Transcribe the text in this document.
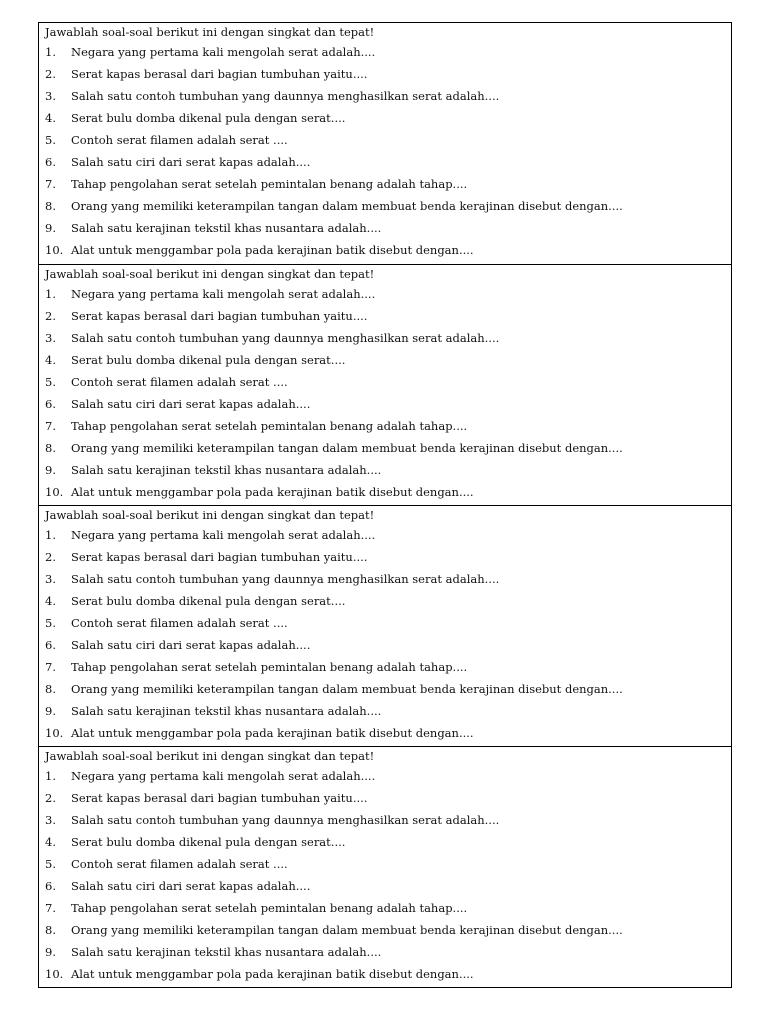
Jawablah soal-soal berikut ini dengan singkat dan tepat!
1.	Negara yang pertama kali mengolah serat adalah....
2.	Serat kapas berasal dari bagian tumbuhan yaitu....
3.	Salah satu contoh tumbuhan yang daunnya menghasilkan serat adalah....
4.	Serat bulu domba dikenal pula dengan serat....
5.	Contoh serat filamen adalah serat ....
6.	Salah satu ciri dari serat kapas adalah....
7.	Tahap pengolahan serat setelah pemintalan benang adalah tahap....
8.	Orang yang memiliki keterampilan tangan dalam membuat benda kerajinan disebut dengan....
9.	Salah satu kerajinan tekstil khas nusantara adalah....
10. Alat untuk menggambar pola pada kerajinan batik disebut dengan....
Jawablah soal-soal berikut ini dengan singkat dan tepat!
1.	Negara yang pertama kali mengolah serat adalah....
2.	Serat kapas berasal dari bagian tumbuhan yaitu....
3.	Salah satu contoh tumbuhan yang daunnya menghasilkan serat adalah....
4.	Serat bulu domba dikenal pula dengan serat....
5.	Contoh serat filamen adalah serat ....
6.	Salah satu ciri dari serat kapas adalah....
7.	Tahap pengolahan serat setelah pemintalan benang adalah tahap....
8.	Orang yang memiliki keterampilan tangan dalam membuat benda kerajinan disebut dengan....
9.	Salah satu kerajinan tekstil khas nusantara adalah....
10. Alat untuk menggambar pola pada kerajinan batik disebut dengan....
Jawablah soal-soal berikut ini dengan singkat dan tepat!
1.	Negara yang pertama kali mengolah serat adalah....
2.	Serat kapas berasal dari bagian tumbuhan yaitu....
3.	Salah satu contoh tumbuhan yang daunnya menghasilkan serat adalah....
4.	Serat bulu domba dikenal pula dengan serat....
5.	Contoh serat filamen adalah serat ....
6.	Salah satu ciri dari serat kapas adalah....
7.	Tahap pengolahan serat setelah pemintalan benang adalah tahap....
8.	Orang yang memiliki keterampilan tangan dalam membuat benda kerajinan disebut dengan....
9.	Salah satu kerajinan tekstil khas nusantara adalah....
10. Alat untuk menggambar pola pada kerajinan batik disebut dengan....
Jawablah soal-soal berikut ini dengan singkat dan tepat!
1.	Negara yang pertama kali mengolah serat adalah....
2.	Serat kapas berasal dari bagian tumbuhan yaitu....
3.	Salah satu contoh tumbuhan yang daunnya menghasilkan serat adalah....
4.	Serat bulu domba dikenal pula dengan serat....
5.	Contoh serat filamen adalah serat ....
6.	Salah satu ciri dari serat kapas adalah....
7.	Tahap pengolahan serat setelah pemintalan benang adalah tahap....
8.	Orang yang memiliki keterampilan tangan dalam membuat benda kerajinan disebut dengan....
9.	Salah satu kerajinan tekstil khas nusantara adalah....
10. Alat untuk menggambar pola pada kerajinan batik disebut dengan....
